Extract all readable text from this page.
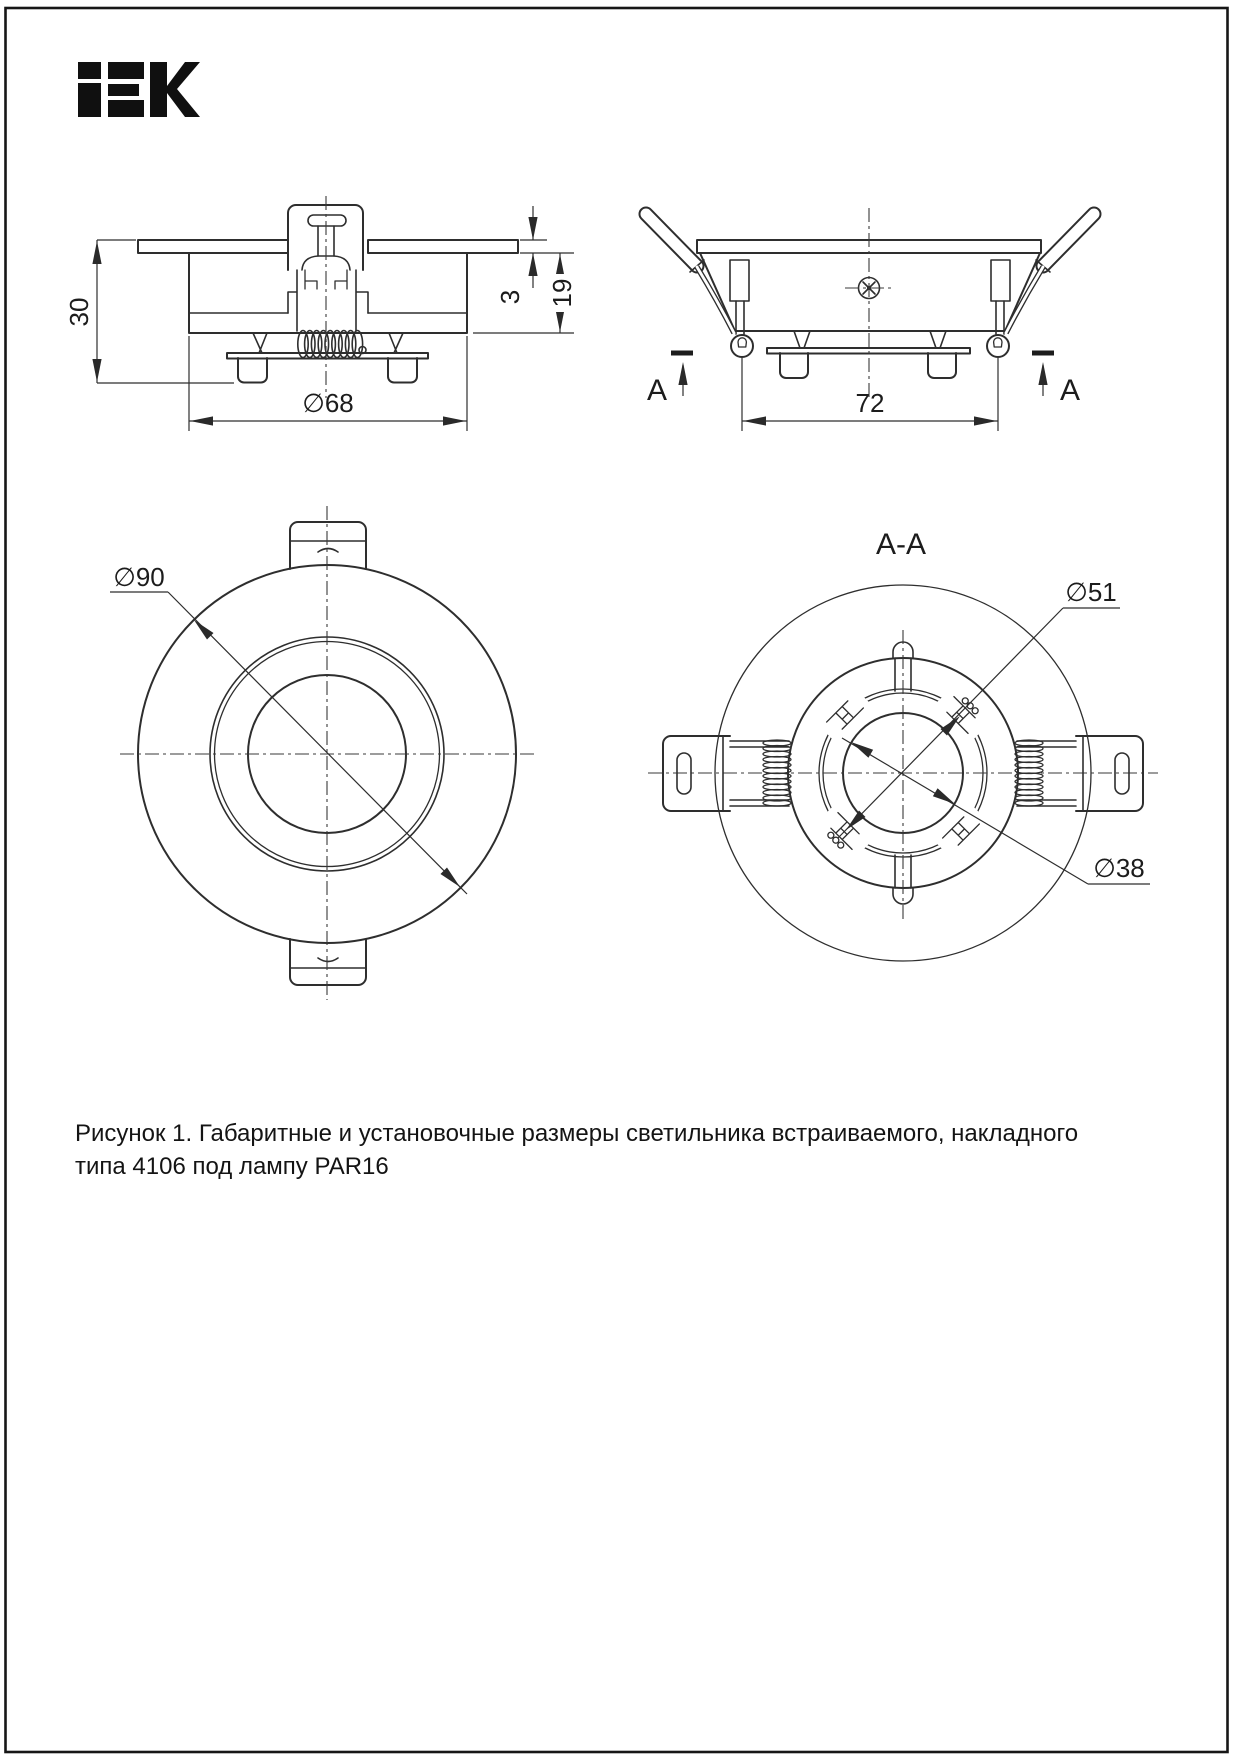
30
3 19
∅68	A	A
72
∅90
A-A
∅51
∅38
Рисунок 1. Габаритные и установочные размеры светильника встраиваемого, накладного
типа 4106 под лампу PAR16
